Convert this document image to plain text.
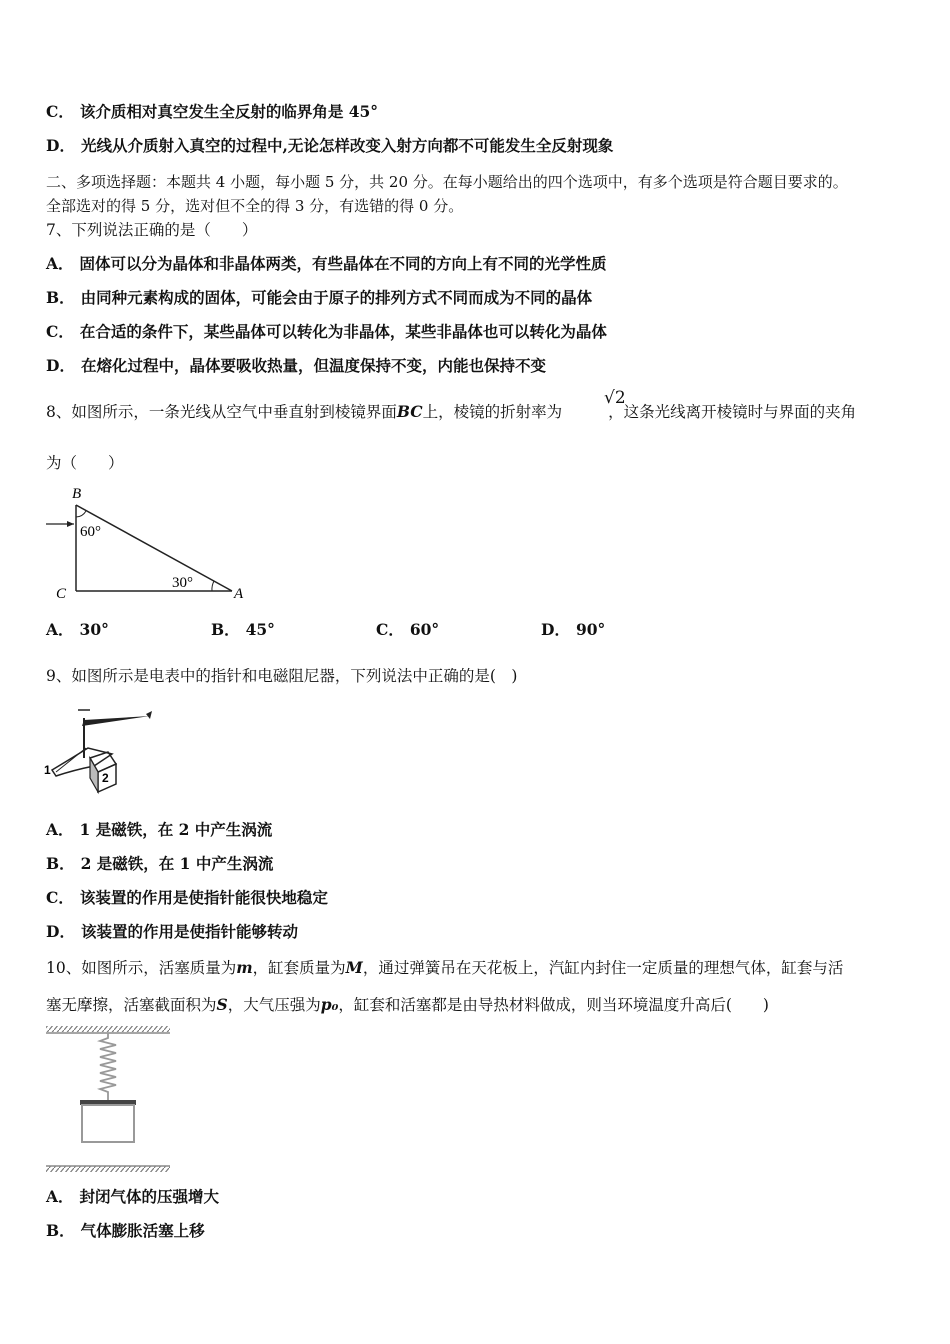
C． 该介质相对真空发生全反射的临界角是 45°
D． 光线从介质射入真空的过程中,无论怎样改变入射方向都不可能发生全反射现象
二、多项选择题：本题共 4 小题，每小题 5 分，共 20 分。在每小题给出的四个选项中，有多个选项是符合题目要求的。
全部选对的得 5 分，选对但不全的得 3 分，有选错的得 0 分。
7、下列说法正确的是（　　）
A． 固体可以分为晶体和非晶体两类，有些晶体在不同的方向上有不同的光学性质
B． 由同种元素构成的固体，可能会由于原子的排列方式不同而成为不同的晶体
C． 在合适的条件下，某些晶体可以转化为非晶体，某些非晶体也可以转化为晶体
D． 在熔化过程中，晶体要吸收热量，但温度保持不变，内能也保持不变
8、如图所示，一条光线从空气中垂直射到棱镜界面BC上，棱镜的折射率为	，这条光线离开棱镜时与界面的夹角
√2
为（　　）
B
C	A
60°
30°
A． 30°	B． 45°	C． 60°	D． 90°
9、如图所示是电表中的指针和电磁阻尼器，下列说法中正确的是(　)
1
2
A． 1 是磁铁，在 2 中产生涡流
B． 2 是磁铁，在 1 中产生涡流
C． 该装置的作用是使指针能很快地稳定
D． 该装置的作用是使指针能够转动
10、如图所示，活塞质量为m，缸套质量为M，通过弹簧吊在天花板上，汽缸内封住一定质量的理想气体，缸套与活
塞无摩擦，活塞截面积为S，大气压强为p₀，缸套和活塞都是由导热材料做成，则当环境温度升高后(　　)
A． 封闭气体的压强增大
B． 气体膨胀活塞上移
